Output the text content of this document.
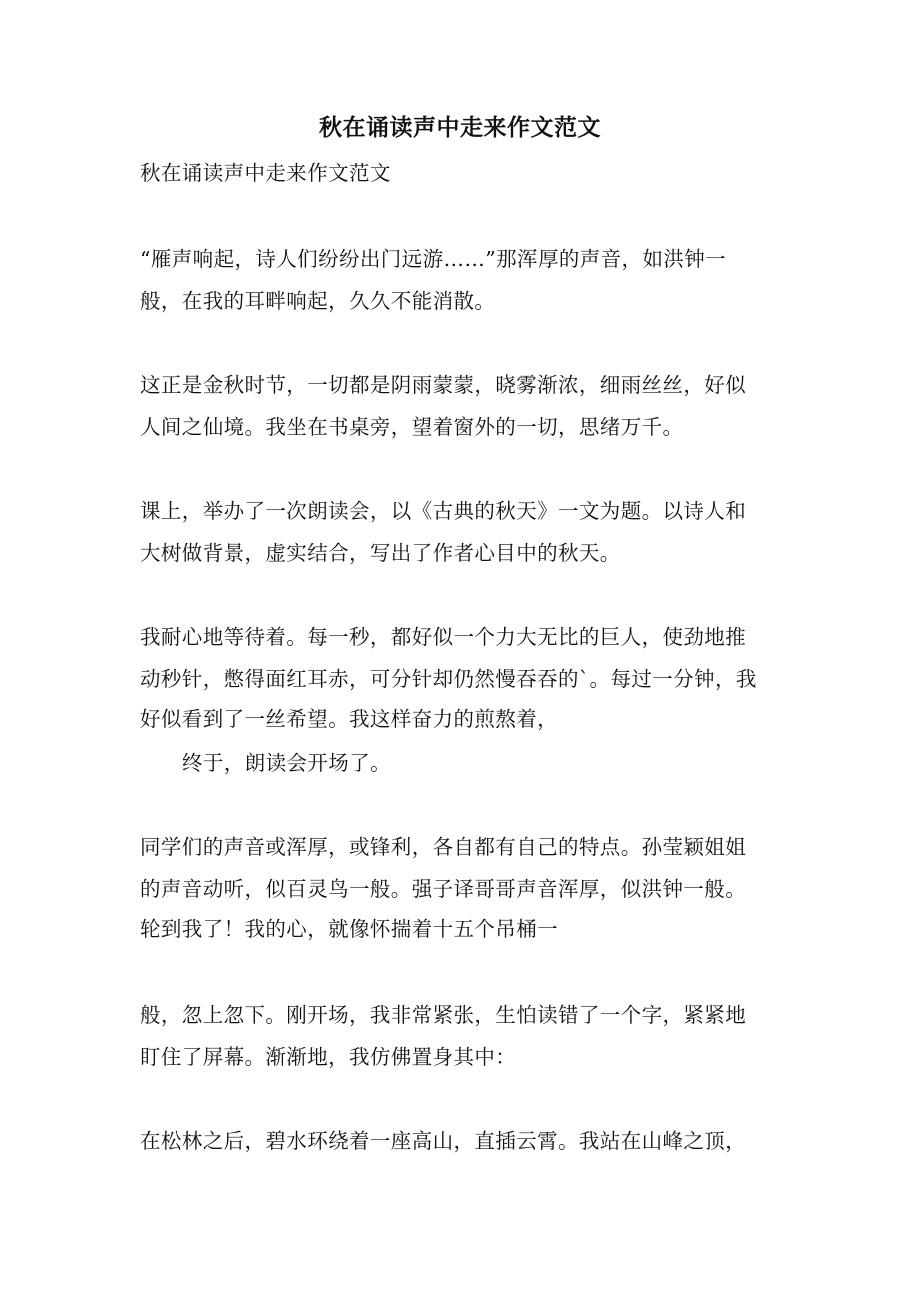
秋在诵读声中走来作文范文
秋在诵读声中走来作文范文
“雁声响起，诗人们纷纷出门远游……”那浑厚的声音，如洪钟一
般，在我的耳畔响起，久久不能消散。
这正是金秋时节，一切都是阴雨蒙蒙，晓雾渐浓，细雨丝丝，好似
人间之仙境。我坐在书桌旁，望着窗外的一切，思绪万千。
课上，举办了一次朗读会，以《古典的秋天》一文为题。以诗人和
大树做背景，虚实结合，写出了作者心目中的秋天。
我耐心地等待着。每一秒，都好似一个力大无比的巨人，使劲地推
动秒针，憋得面红耳赤，可分针却仍然慢吞吞的`。每过一分钟，我
好似看到了一丝希望。我这样奋力的煎熬着，
终于，朗读会开场了。
同学们的声音或浑厚，或锋利，各自都有自己的特点。孙莹颖姐姐
的声音动听，似百灵鸟一般。强子译哥哥声音浑厚，似洪钟一般。
轮到我了！我的心，就像怀揣着十五个吊桶一
般，忽上忽下。刚开场，我非常紧张，生怕读错了一个字，紧紧地
盯住了屏幕。渐渐地，我仿佛置身其中：
在松林之后，碧水环绕着一座高山，直插云霄。我站在山峰之顶，
